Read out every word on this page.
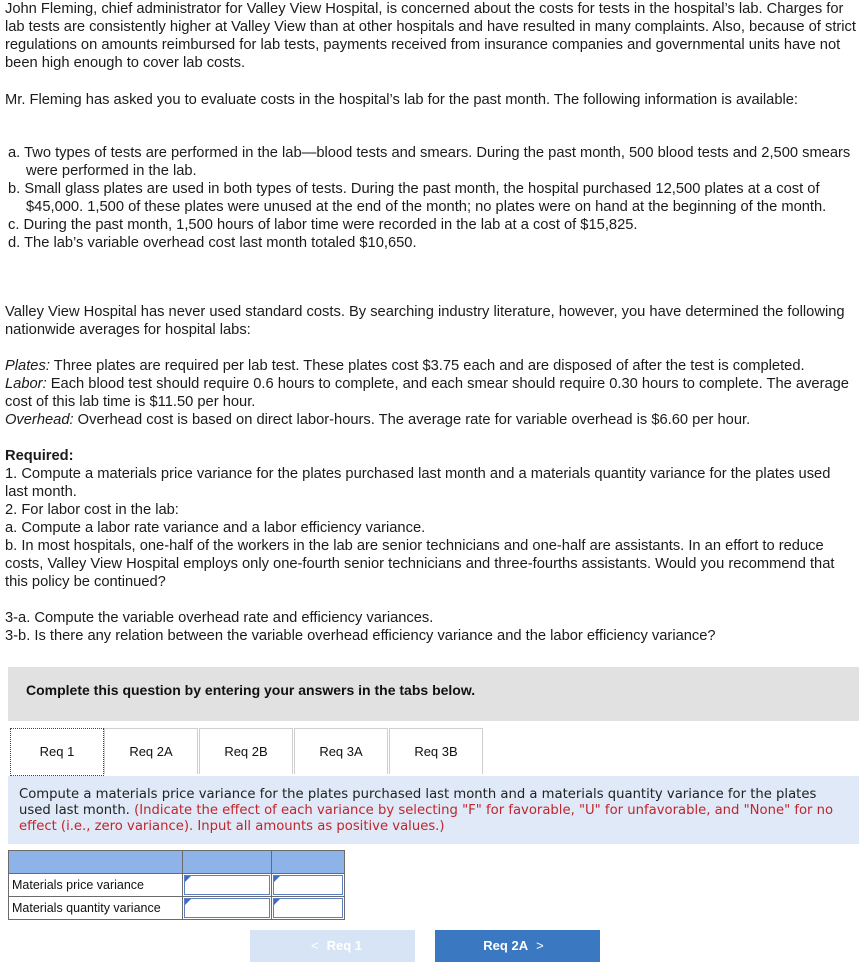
John Fleming, chief administrator for Valley View Hospital, is concerned about the costs for tests in the hospital’s lab. Charges for lab tests are consistently higher at Valley View than at other hospitals and have resulted in many complaints. Also, because of strict regulations on amounts reimbursed for lab tests, payments received from insurance companies and governmental units have not been high enough to cover lab costs.

Mr. Fleming has asked you to evaluate costs in the hospital’s lab for the past month. The following information is available:

a. Two types of tests are performed in the lab—blood tests and smears. During the past month, 500 blood tests and 2,500 smears were performed in the lab.

b. Small glass plates are used in both types of tests. During the past month, the hospital purchased 12,500 plates at a cost of $45,000. 1,500 of these plates were unused at the end of the month; no plates were on hand at the beginning of the month.

c. During the past month, 1,500 hours of labor time were recorded in the lab at a cost of $15,825.

d. The lab’s variable overhead cost last month totaled $10,650.

Valley View Hospital has never used standard costs. By searching industry literature, however, you have determined the following nationwide averages for hospital labs:

Plates: Three plates are required per lab test. These plates cost $3.75 each and are disposed of after the test is completed.

Labor: Each blood test should require 0.6 hours to complete, and each smear should require 0.30 hours to complete. The average cost of this lab time is $11.50 per hour.

Overhead: Overhead cost is based on direct labor-hours. The average rate for variable overhead is $6.60 per hour.

Required:

1. Compute a materials price variance for the plates purchased last month and a materials quantity variance for the plates used last month.

2. For labor cost in the lab:

a. Compute a labor rate variance and a labor efficiency variance.

b. In most hospitals, one-half of the workers in the lab are senior technicians and one-half are assistants. In an effort to reduce costs, Valley View Hospital employs only one-fourth senior technicians and three-fourths assistants. Would you recommend that this policy be continued?

3-a. Compute the variable overhead rate and efficiency variances.

3-b. Is there any relation between the variable overhead efficiency variance and the labor efficiency variance?

Complete this question by entering your answers in the tabs below.
Req 1	Req 2A	Req 2B	Req 3A	Req 3B
Compute a materials price variance for the plates purchased last month and a materials quantity variance for the plates used last month. (Indicate the effect of each variance by selecting "F" for favorable, "U" for unfavorable, and "None" for no effect (i.e., zero variance). Input all amounts as positive values.)

Materials price variance	

Materials quantity variance	

< Req 1	Req 2A >
